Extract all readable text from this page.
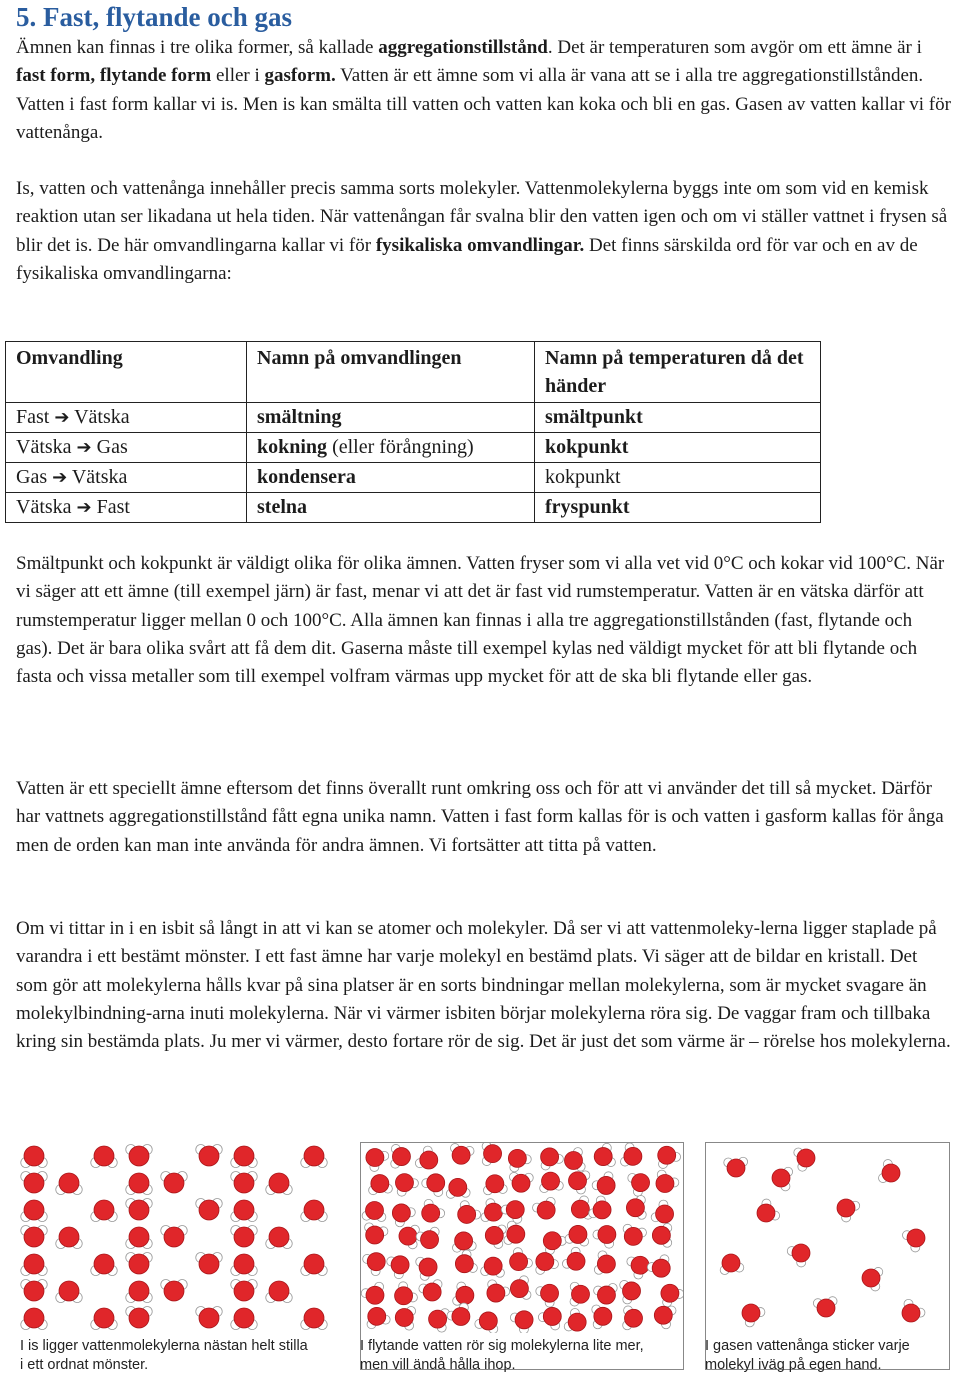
5. Fast, flytande och gas

Ämnen kan finnas i tre olika former, så kallade aggregationstillstånd. Det är temperaturen som avgör om ett ämne är i fast form, flytande form eller i gasform. Vatten är ett ämne som vi alla är vana att se i alla tre aggregationstillstånden. Vatten i fast form kallar vi is. Men is kan smälta till vatten och vatten kan koka och bli en gas. Gasen av vatten kallar vi för vattenånga.

Is, vatten och vattenånga innehåller precis samma sorts molekyler. Vattenmolekylerna byggs inte om som vid en kemisk reaktion utan ser likadana ut hela tiden. När vattenångan får svalna blir den vatten igen och om vi ställer vattnet i frysen så blir det is. De här omvandlingarna kallar vi för fysikaliska omvandlingar. Det finns särskilda ord för var och en av de fysikaliska omvandlingarna:

Omvandling	Namn på omvandlingen	Namn på temperaturen då det händer
Fast ➔ Vätska	smältning	smältpunkt
Vätska ➔ Gas	kokning (eller förångning)	kokpunkt
Gas ➔ Vätska	kondensera	kokpunkt
Vätska ➔ Fast	stelna	fryspunkt

Smältpunkt och kokpunkt är väldigt olika för olika ämnen. Vatten fryser som vi alla vet vid 0°C och kokar vid 100°C. När vi säger att ett ämne (till exempel järn) är fast, menar vi att det är fast vid rumstemperatur. Vatten är en vätska därför att rumstemperatur ligger mellan 0 och 100°C. Alla ämnen kan finnas i alla tre aggregationstillstånden (fast, flytande och gas). Det är bara olika svårt att få dem dit. Gaserna måste till exempel kylas ned väldigt mycket för att bli flytande och fasta och vissa metaller som till exempel volfram värmas upp mycket för att de ska bli flytande eller gas.

Vatten är ett speciellt ämne eftersom det finns överallt runt omkring oss och för att vi använder det till så mycket. Därför har vattnets aggregationstillstånd fått egna unika namn. Vatten i fast form kallas för is och vatten i gasform kallas för ånga men de orden kan man inte använda för andra ämnen. Vi fortsätter att titta på vatten.

Om vi tittar in i en isbit så långt in att vi kan se atomer och molekyler. Då ser vi att vattenmoleky-lerna ligger staplade på varandra i ett bestämt mönster. I ett fast ämne har varje molekyl en bestämd plats. Vi säger att de bildar en kristall. Det som gör att molekylerna hålls kvar på sina platser är en sorts bindningar mellan molekylerna, som är mycket svagare än molekylbindning-arna inuti molekylerna. När vi värmer isbiten börjar molekylerna röra sig. De vaggar fram och tillbaka kring sin bestämda plats. Ju mer vi värmer, desto fortare rör de sig. Det är just det som värme är – rörelse hos molekylerna.

I is ligger vattenmolekylerna nästan helt stilla i ett ordnat mönster.

I flytande vatten rör sig molekylerna lite mer, men vill ändå hålla ihop.

I gasen vattenånga sticker varje molekyl iväg på egen hand.
